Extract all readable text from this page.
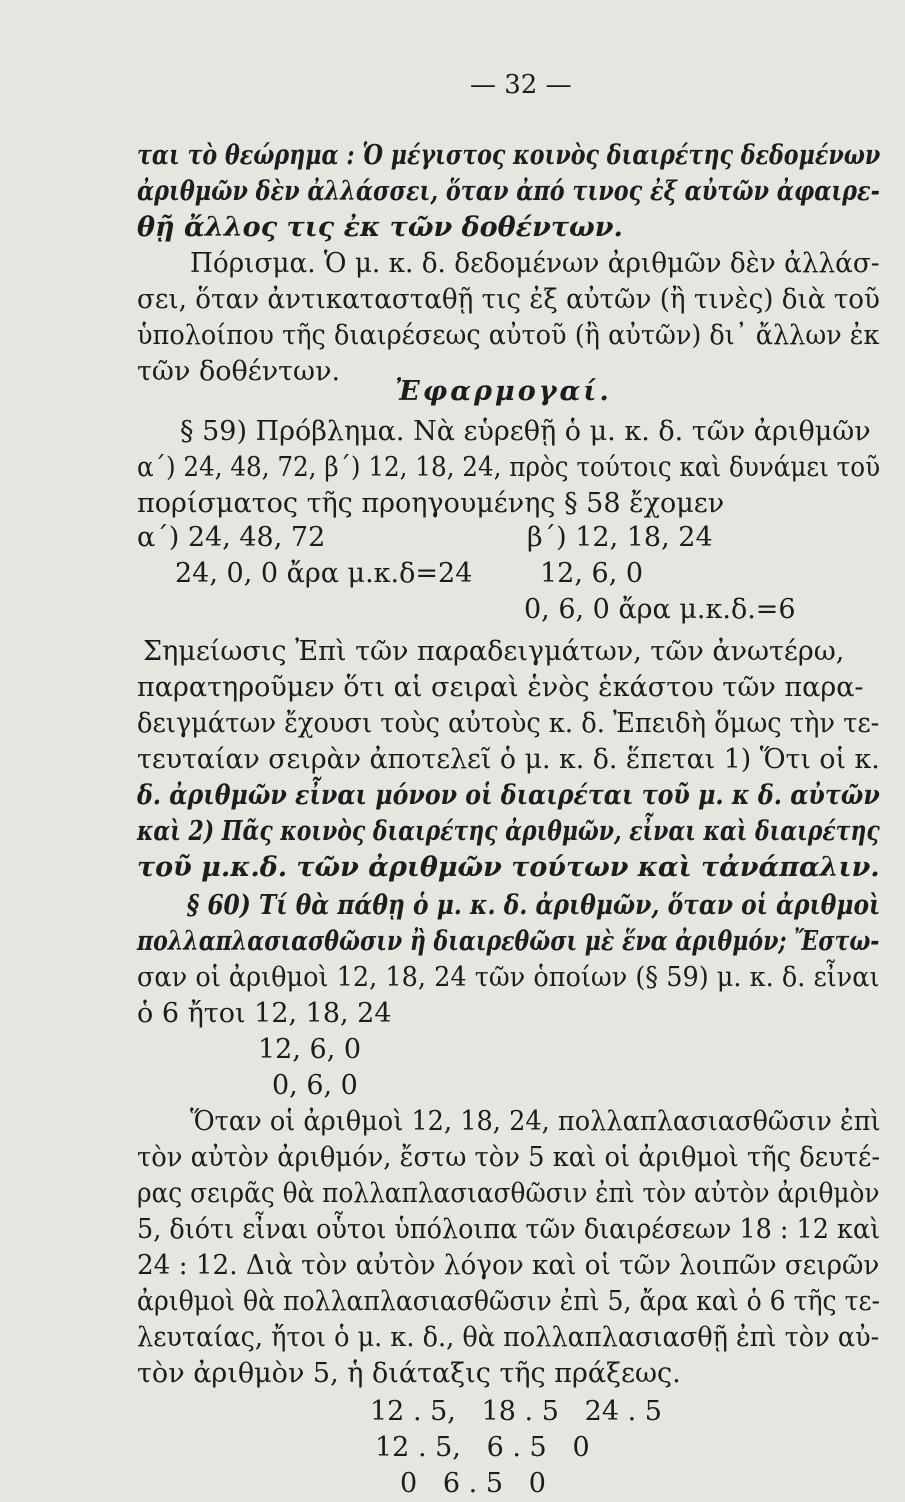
— 32 —
ται τὸ θεώρημα : Ὁ μέγιστος κοινὸς διαιρέτης δεδομένων
ἀριθμῶν δὲν ἀλλάσσει, ὅταν ἀπό τινος ἐξ αὐτῶν ἀφαιρε-
θῇ ἄλλος τις ἐκ τῶν δοθέντων.
Πόρισμα. Ὁ μ. κ. δ. δεδομένων ἀριθμῶν δὲν ἀλλάσ-
σει, ὅταν ἀντικατασταθῇ τις ἐξ αὐτῶν (ἢ τινὲς) διὰ τοῦ
ὑπολοίπου τῆς διαιρέσεως αὐτοῦ (ἢ αὐτῶν) δι᾽ ἄλλων ἐκ
τῶν δοθέντων.
Ἐφαρμογαί.
§ 59) Πρόβλημα. Νὰ εὑρεθῇ ὁ μ. κ. δ. τῶν ἀριθμῶν
α΄) 24, 48, 72, β΄) 12, 18, 24, πρὸς τούτοις καὶ δυνάμει τοῦ
πορίσματος τῆς προηγουμένης § 58 ἔχομεν
α΄) 24, 48, 72	β΄) 12, 18, 24
24, 0, 0 ἄρα μ.κ.δ=24	12, 6, 0
0, 6, 0 ἄρα μ.κ.δ.=6
Σημείωσις Ἐπὶ τῶν παραδειγμάτων, τῶν ἀνωτέρω,
παρατηροῦμεν ὅτι αἱ σειραὶ ἑνὸς ἑκάστου τῶν παρα-
δειγμάτων ἔχουσι τοὺς αὐτοὺς κ. δ. Ἐπειδὴ ὅμως τὴν τε-
τευταίαν σειρὰν ἀποτελεῖ ὁ μ. κ. δ. ἕπεται 1) Ὅτι οἱ κ.
δ. ἀριθμῶν εἶναι μόνον οἱ διαιρέται τοῦ μ. κ δ. αὐτῶν
καὶ 2) Πᾶς κοινὸς διαιρέτης ἀριθμῶν, εἶναι καὶ διαιρέτης
τοῦ μ.κ.δ. τῶν ἀριθμῶν τούτων καὶ τἀνάπαλιν.
§ 60) Τί θὰ πάθῃ ὁ μ. κ. δ. ἀριθμῶν, ὅταν οἱ ἀριθμοὶ
πολλαπλασιασθῶσιν ἢ διαιρεθῶσι μὲ ἕνα ἀριθμόν; Ἔστω-
σαν οἱ ἀριθμοὶ 12, 18, 24 τῶν ὁποίων (§ 59) μ. κ. δ. εἶναι
ὁ 6 ἤτοι 12, 18, 24
12, 6, 0
0, 6, 0
Ὅταν οἱ ἀριθμοὶ 12, 18, 24, πολλαπλασιασθῶσιν ἐπὶ
τὸν αὐτὸν ἀριθμόν, ἔστω τὸν 5 καὶ οἱ ἀριθμοὶ τῆς δευτέ-
ρας σειρᾶς θὰ πολλαπλασιασθῶσιν ἐπὶ τὸν αὐτὸν ἀριθμὸν
5, διότι εἶναι οὗτοι ὑπόλοιπα τῶν διαιρέσεων 18 : 12 καὶ
24 : 12. Διὰ τὸν αὐτὸν λόγον καὶ οἱ τῶν λοιπῶν σειρῶν
ἀριθμοὶ θὰ πολλαπλασιασθῶσιν ἐπὶ 5, ἄρα καὶ ὁ 6 τῆς τε-
λευταίας, ἤτοι ὁ μ. κ. δ., θὰ πολλαπλασιασθῇ ἐπὶ τὸν αὐ-
τὸν ἀριθμὸν 5, ἡ διάταξις τῆς πράξεως.
12 . 5,   18 . 5   24 . 5
12 . 5,   6 . 5   0
0   6 . 5   0
